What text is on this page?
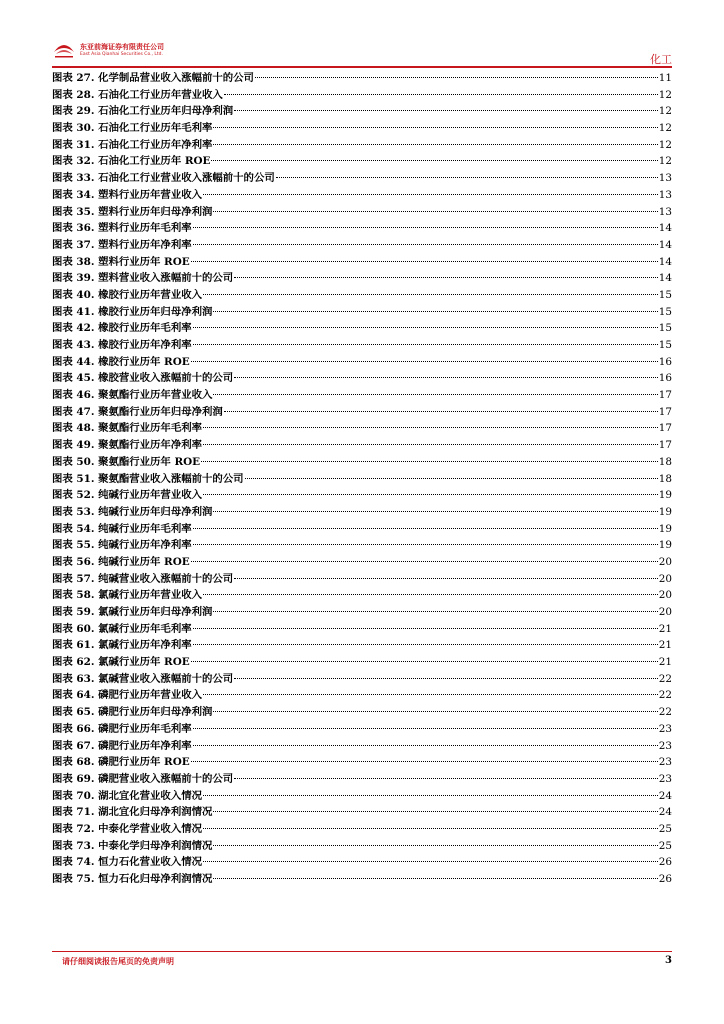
东亚前海证券有限责任公司
East Asia Qianhai Securities Co., Ltd.	化工
图表 27. 化学制品营业收入涨幅前十的公司	11
图表 28. 石油化工行业历年营业收入	12
图表 29. 石油化工行业历年归母净利润	12
图表 30. 石油化工行业历年毛利率	12
图表 31. 石油化工行业历年净利率	12
图表 32. 石油化工行业历年 ROE	12
图表 33. 石油化工行业营业收入涨幅前十的公司	13
图表 34. 塑料行业历年营业收入	13
图表 35. 塑料行业历年归母净利润	13
图表 36. 塑料行业历年毛利率	14
图表 37. 塑料行业历年净利率	14
图表 38. 塑料行业历年 ROE	14
图表 39. 塑料营业收入涨幅前十的公司	14
图表 40. 橡胶行业历年营业收入	15
图表 41. 橡胶行业历年归母净利润	15
图表 42. 橡胶行业历年毛利率	15
图表 43. 橡胶行业历年净利率	15
图表 44. 橡胶行业历年 ROE	16
图表 45. 橡胶营业收入涨幅前十的公司	16
图表 46. 聚氨酯行业历年营业收入	17
图表 47. 聚氨酯行业历年归母净利润	17
图表 48. 聚氨酯行业历年毛利率	17
图表 49. 聚氨酯行业历年净利率	17
图表 50. 聚氨酯行业历年 ROE	18
图表 51. 聚氨酯营业收入涨幅前十的公司	18
图表 52. 纯碱行业历年营业收入	19
图表 53. 纯碱行业历年归母净利润	19
图表 54. 纯碱行业历年毛利率	19
图表 55. 纯碱行业历年净利率	19
图表 56. 纯碱行业历年 ROE	20
图表 57. 纯碱营业收入涨幅前十的公司	20
图表 58. 氯碱行业历年营业收入	20
图表 59. 氯碱行业历年归母净利润	20
图表 60. 氯碱行业历年毛利率	21
图表 61. 氯碱行业历年净利率	21
图表 62. 氯碱行业历年 ROE	21
图表 63. 氯碱营业收入涨幅前十的公司	22
图表 64. 磷肥行业历年营业收入	22
图表 65. 磷肥行业历年归母净利润	22
图表 66. 磷肥行业历年毛利率	23
图表 67. 磷肥行业历年净利率	23
图表 68. 磷肥行业历年 ROE	23
图表 69. 磷肥营业收入涨幅前十的公司	23
图表 70. 湖北宜化营业收入情况	24
图表 71. 湖北宜化归母净利润情况	24
图表 72. 中泰化学营业收入情况	25
图表 73. 中泰化学归母净利润情况	25
图表 74. 恒力石化营业收入情况	26
图表 75. 恒力石化归母净利润情况	26
请仔细阅读报告尾页的免责声明	3
